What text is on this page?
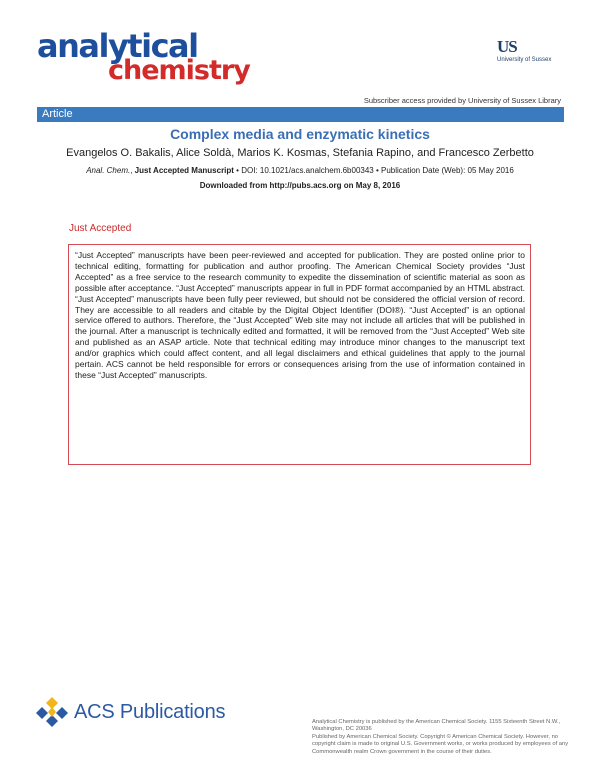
analytical
chemistry
US
University of Sussex
Subscriber access provided by University of Sussex Library
Article
Complex media and enzymatic kinetics
Evangelos O. Bakalis, Alice Soldà, Marios K. Kosmas, Stefania Rapino, and Francesco Zerbetto
Anal. Chem., Just Accepted Manuscript • DOI: 10.1021/acs.analchem.6b00343 • Publication Date (Web): 05 May 2016
Downloaded from http://pubs.acs.org on May 8, 2016
Just Accepted
“Just Accepted” manuscripts have been peer-reviewed and accepted for publication. They are posted online prior to technical editing, formatting for publication and author proofing. The American Chemical Society provides “Just Accepted” as a free service to the research community to expedite the dissemination of scientific material as soon as possible after acceptance. “Just Accepted” manuscripts appear in full in PDF format accompanied by an HTML abstract. “Just Accepted” manuscripts have been fully peer reviewed, but should not be considered the official version of record. They are accessible to all readers and citable by the Digital Object Identifier (DOI®). “Just Accepted” is an optional service offered to authors. Therefore, the “Just Accepted” Web site may not include all articles that will be published in the journal. After a manuscript is technically edited and formatted, it will be removed from the “Just Accepted” Web site and published as an ASAP article. Note that technical editing may introduce minor changes to the manuscript text and/or graphics which could affect content, and all legal disclaimers and ethical guidelines that apply to the journal pertain. ACS cannot be held responsible for errors or consequences arising from the use of information contained in these “Just Accepted” manuscripts.
ACS Publications	Analytical Chemistry is published by the American Chemical Society. 1155 Sixteenth Street N.W., Washington, DC 20036

Published by American Chemical Society. Copyright © American Chemical Society. However, no copyright claim is made to original U.S. Government works, or works produced by employees of any Commonwealth realm Crown government in the course of their duties.
